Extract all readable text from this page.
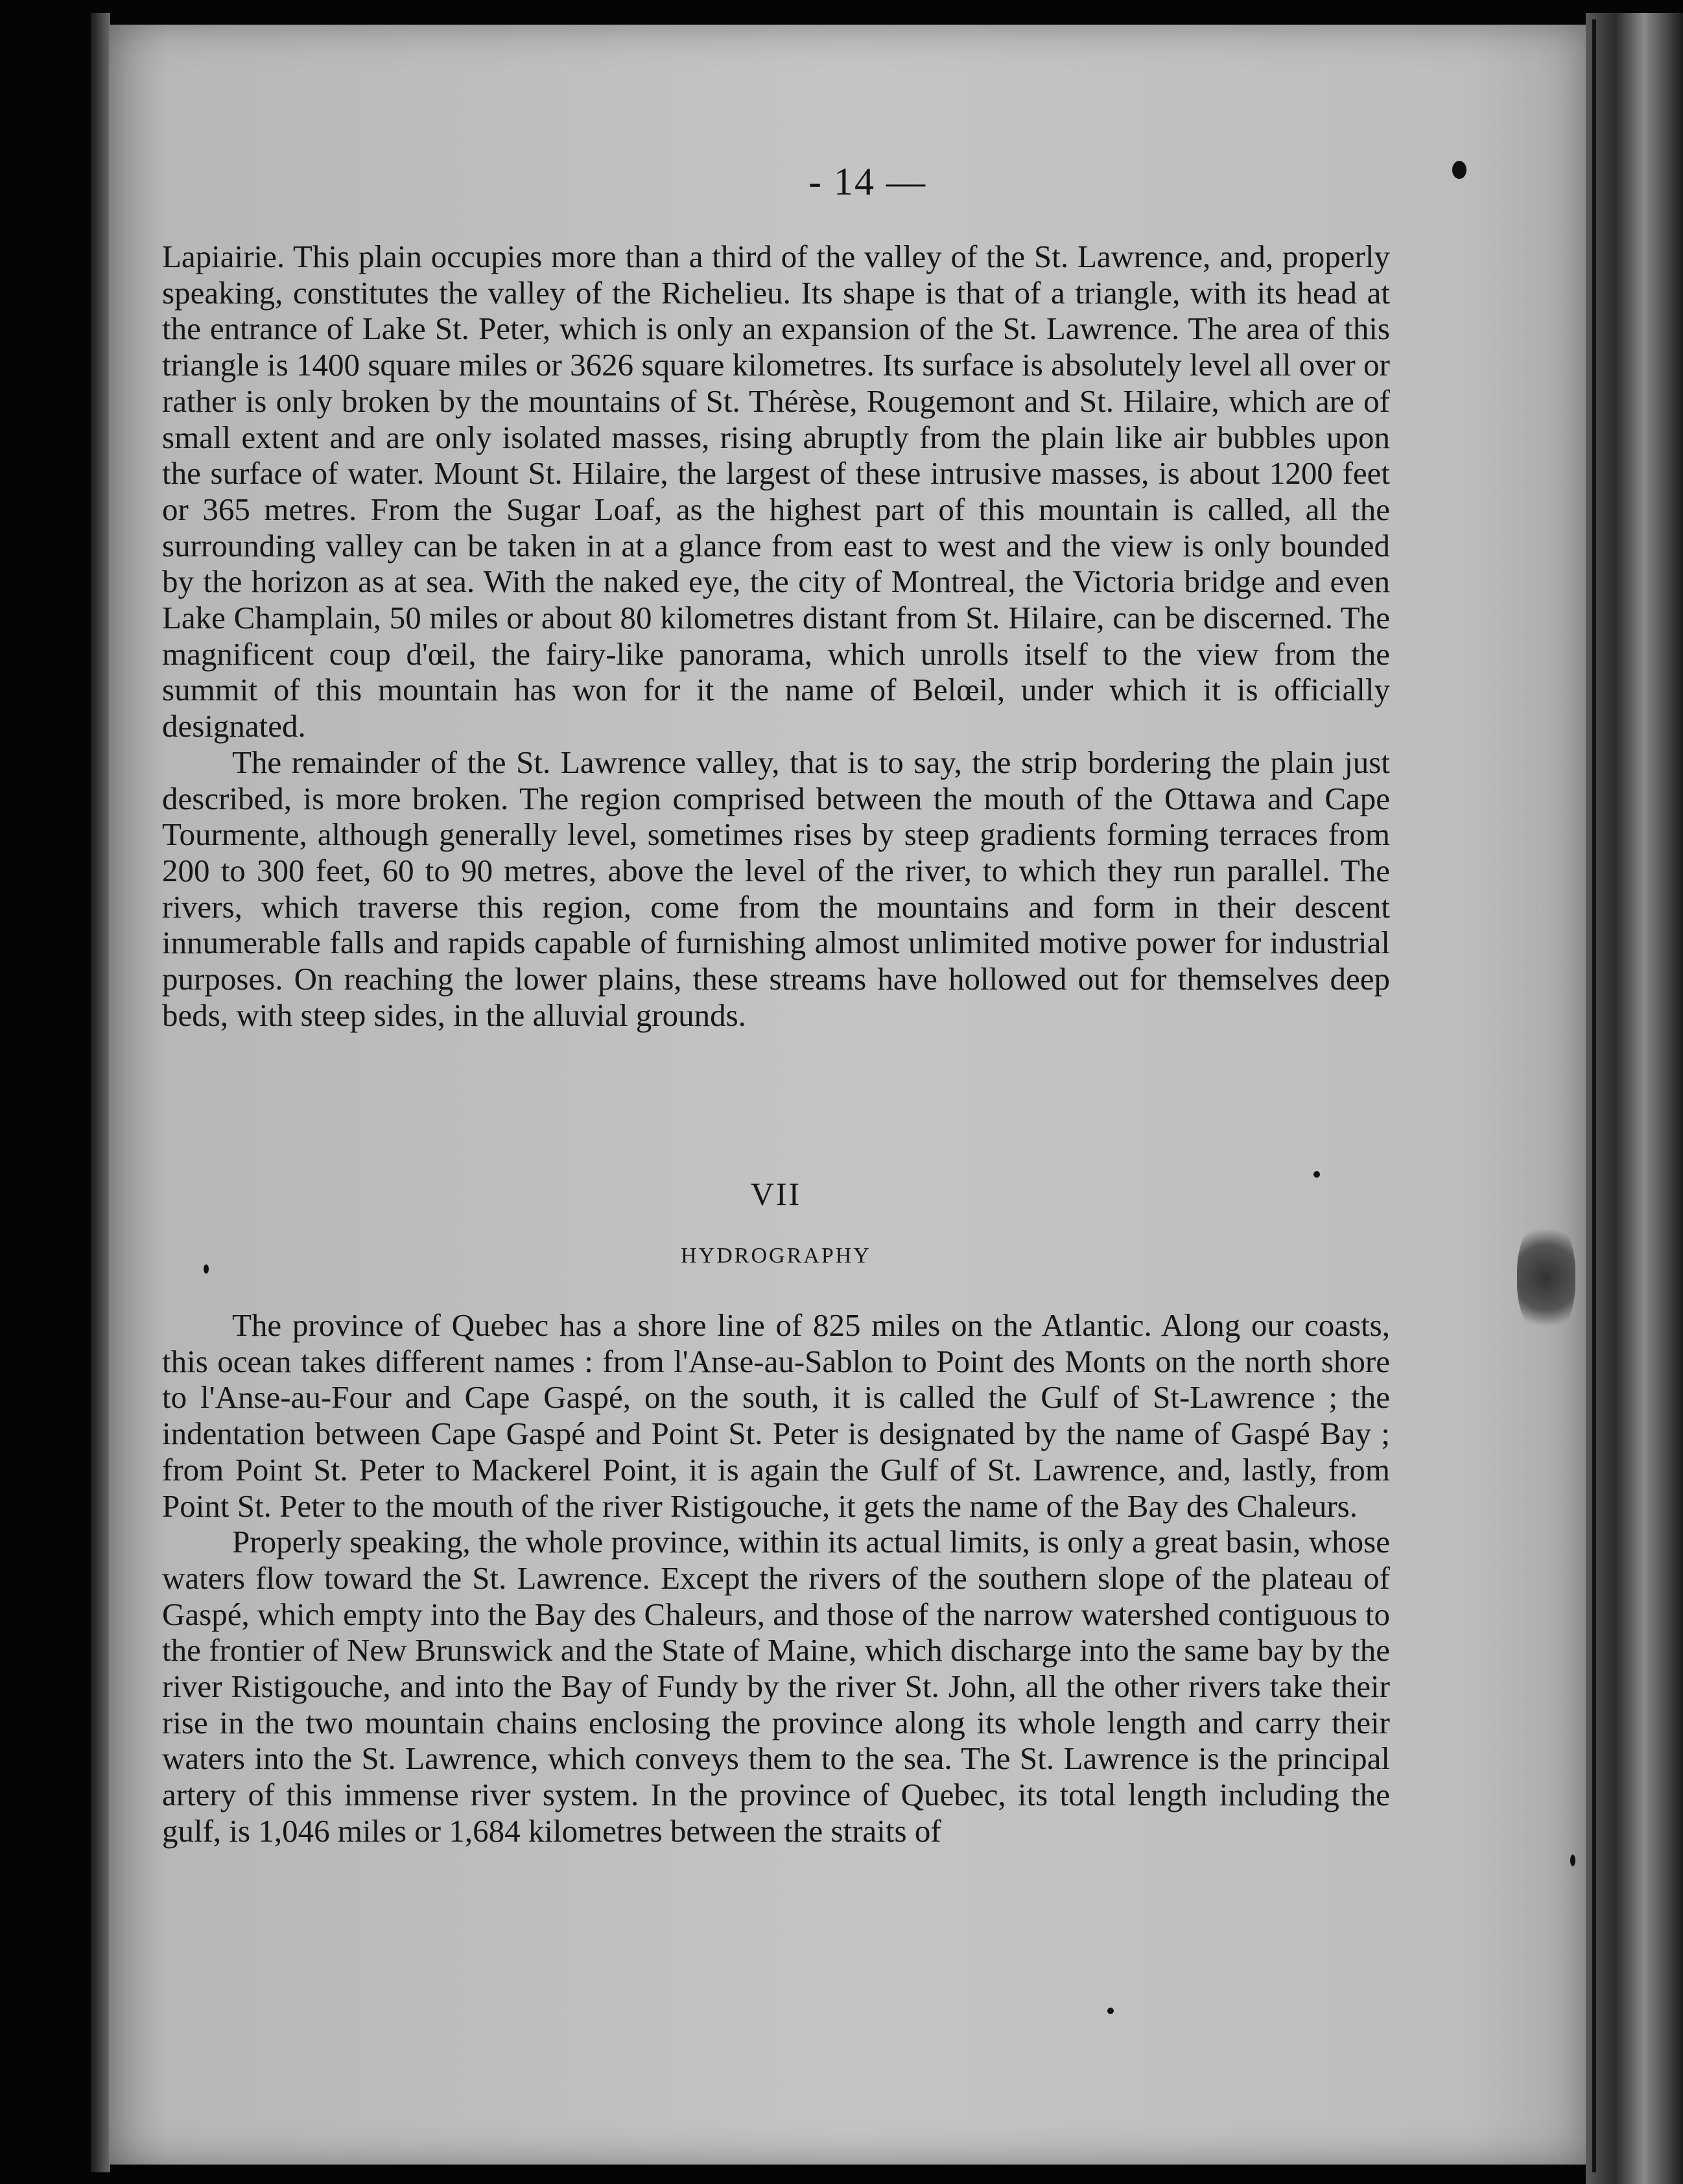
- 14 —

Lapiairie. This plain occupies more than a third of the valley of the St. Lawrence, and, properly speaking, constitutes the valley of the Richelieu. Its shape is that of a triangle, with its head at the entrance of Lake St. Peter, which is only an expansion of the St. Lawrence. The area of this triangle is 1400 square miles or 3626 square kilometres. Its surface is absolutely level all over or rather is only broken by the mountains of St. Thérèse, Rougemont and St. Hilaire, which are of small extent and are only isolated masses, rising abruptly from the plain like air bubbles upon the surface of water. Mount St. Hilaire, the largest of these intrusive masses, is about 1200 feet or 365 metres. From the Sugar Loaf, as the highest part of this mountain is called, all the surrounding valley can be taken in at a glance from east to west and the view is only bounded by the horizon as at sea. With the naked eye, the city of Montreal, the Victoria bridge and even Lake Champlain, 50 miles or about 80 kilometres distant from St. Hilaire, can be discerned. The magnificent coup d'œil, the fairy-like panorama, which unrolls itself to the view from the summit of this mountain has won for it the name of Belœil, under which it is officially designated.

The remainder of the St. Lawrence valley, that is to say, the strip bordering the plain just described, is more broken. The region comprised between the mouth of the Ottawa and Cape Tourmente, although generally level, sometimes rises by steep gradients forming terraces from 200 to 300 feet, 60 to 90 metres, above the level of the river, to which they run parallel. The rivers, which traverse this region, come from the mountains and form in their descent innumerable falls and rapids capable of furnishing almost unlimited motive power for industrial purposes. On reaching the lower plains, these streams have hollowed out for themselves deep beds, with steep sides, in the alluvial grounds.

VII
HYDROGRAPHY

The province of Quebec has a shore line of 825 miles on the Atlantic. Along our coasts, this ocean takes different names : from l'Anse-au-Sablon to Point des Monts on the north shore to l'Anse-au-Four and Cape Gaspé, on the south, it is called the Gulf of St-Lawrence ; the indentation between Cape Gaspé and Point St. Peter is designated by the name of Gaspé Bay ; from Point St. Peter to Mackerel Point, it is again the Gulf of St. Lawrence, and, lastly, from Point St. Peter to the mouth of the river Ristigouche, it gets the name of the Bay des Chaleurs.

Properly speaking, the whole province, within its actual limits, is only a great basin, whose waters flow toward the St. Lawrence. Except the rivers of the southern slope of the plateau of Gaspé, which empty into the Bay des Chaleurs, and those of the narrow watershed contiguous to the frontier of New Brunswick and the State of Maine, which discharge into the same bay by the river Ristigouche, and into the Bay of Fundy by the river St. John, all the other rivers take their rise in the two mountain chains enclosing the province along its whole length and carry their waters into the St. Lawrence, which conveys them to the sea. The St. Lawrence is the principal artery of this immense river system. In the province of Quebec, its total length including the gulf, is 1,046 miles or 1,684 kilometres between the straits of
